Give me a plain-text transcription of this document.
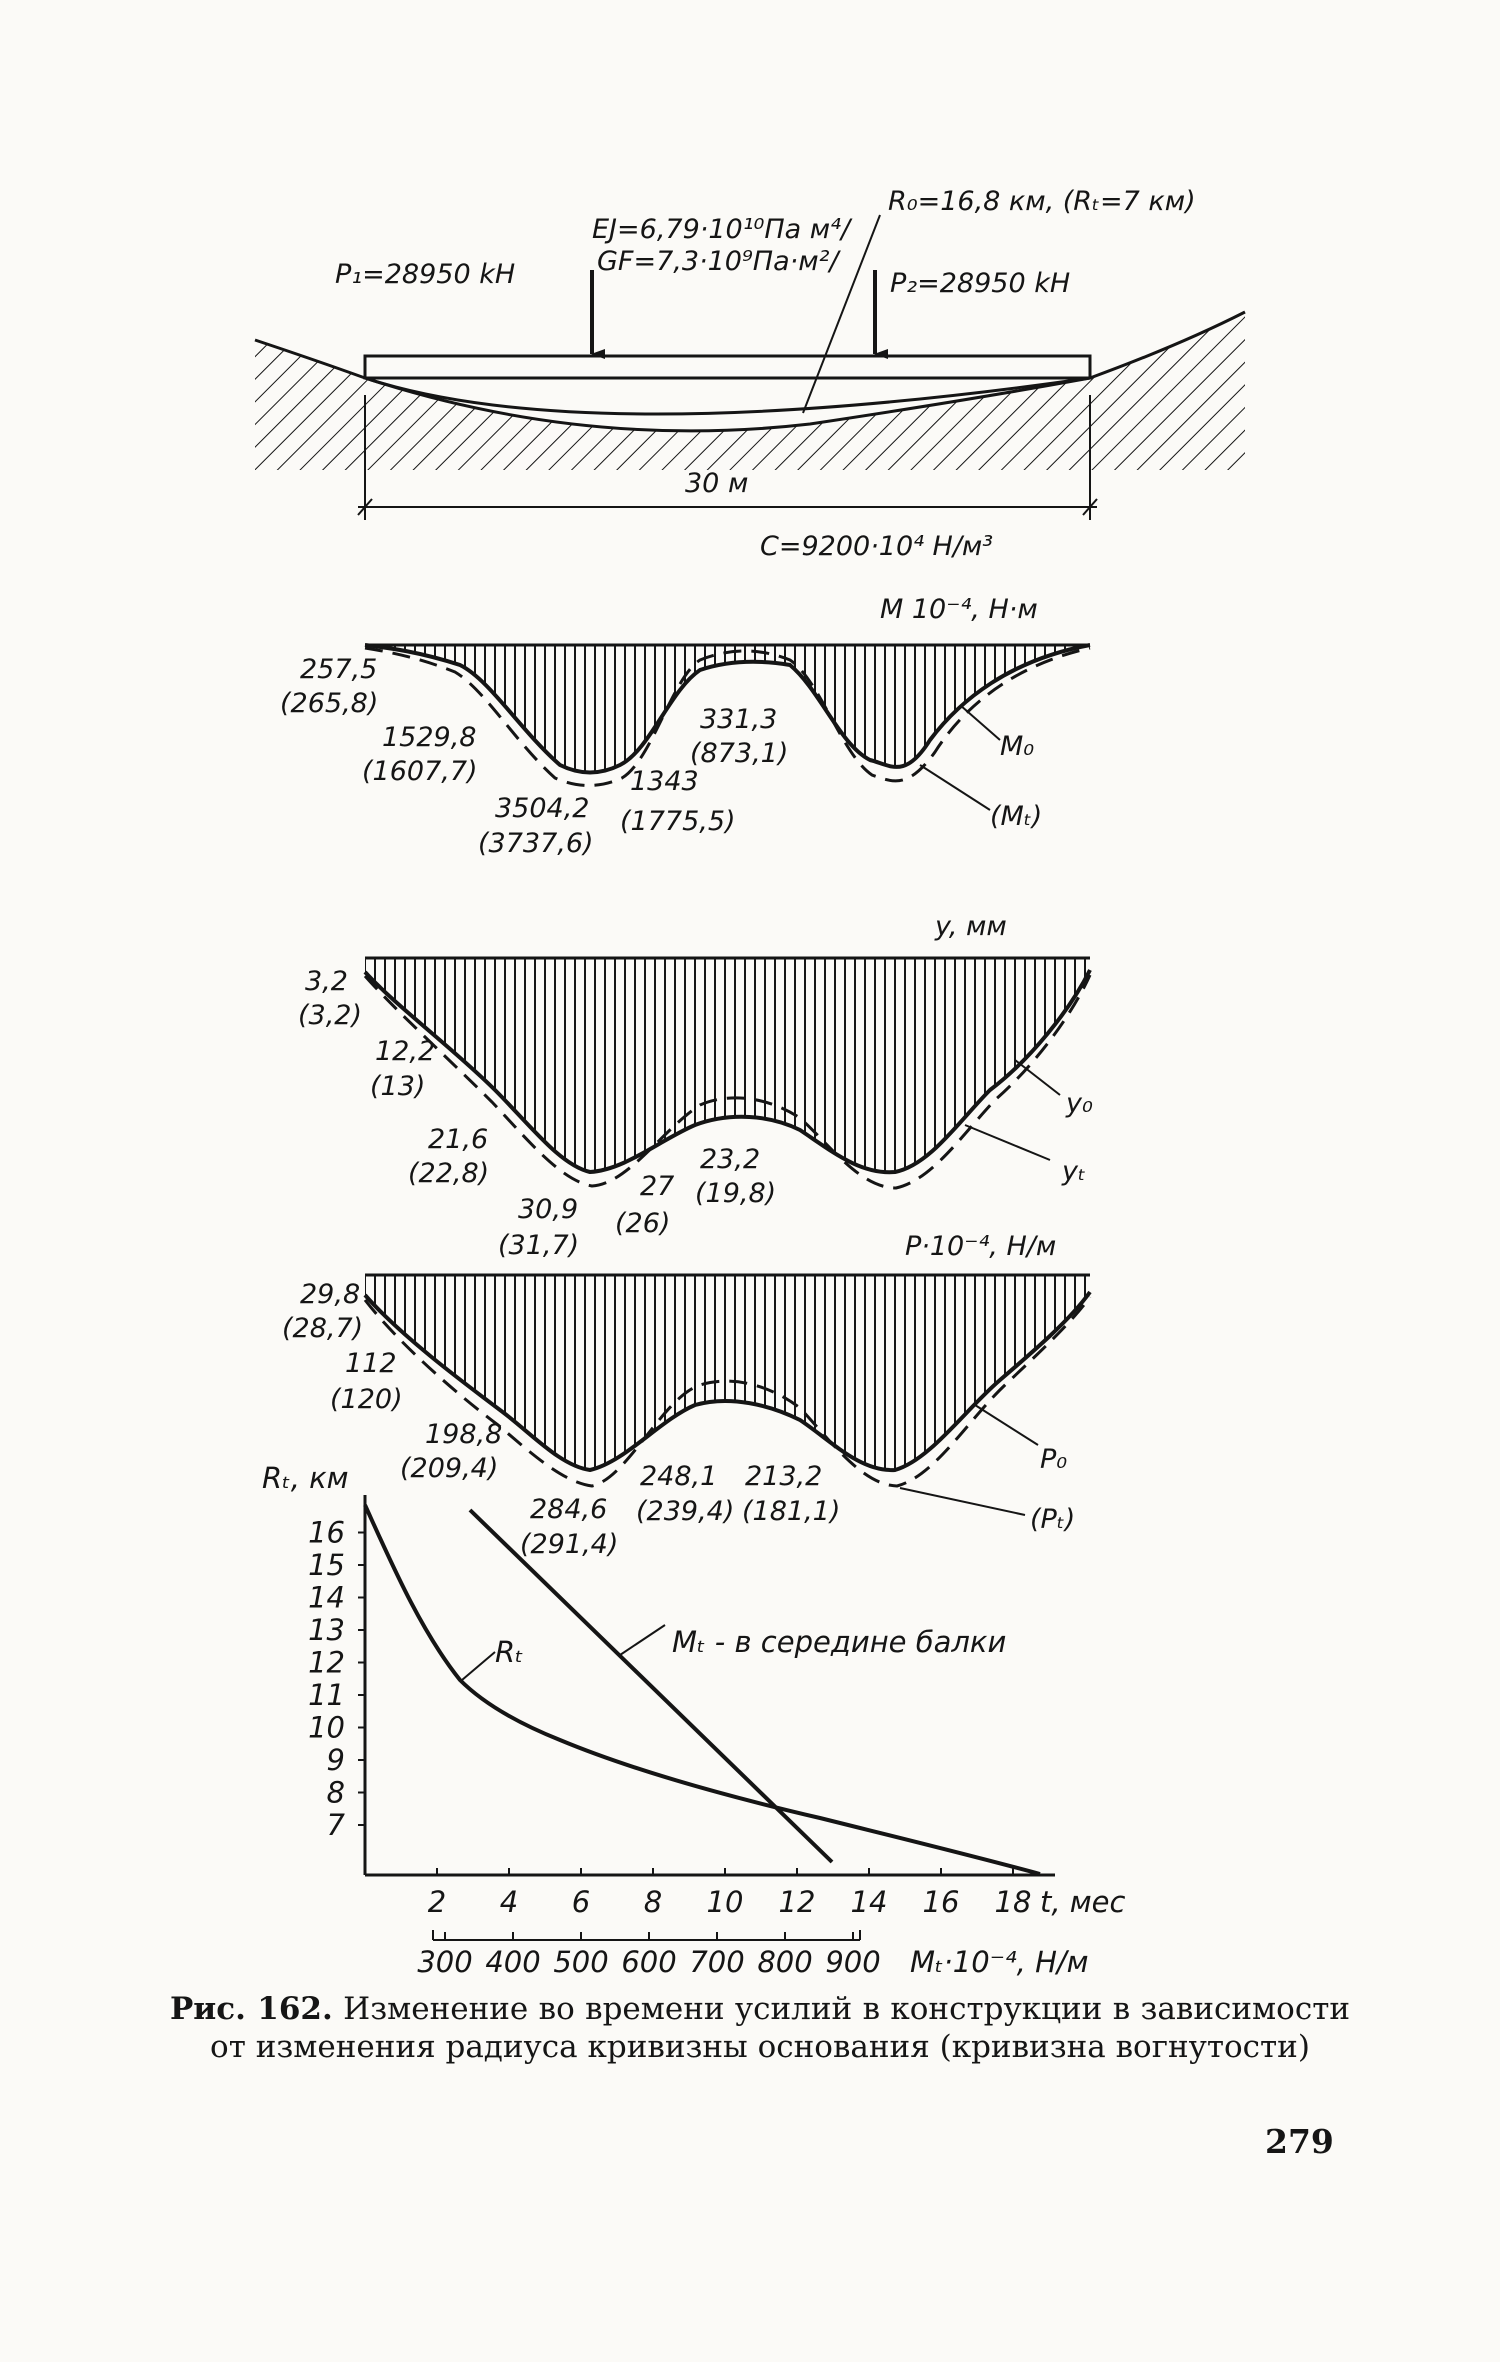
EJ=6,79·10¹⁰Па м⁴/
GF=7,3·10⁹Па·м²/
R₀=16,8 км, (Rₜ=7 км)
P₁=28950 kH	P₂=28950 kH
30 м
C=9200·10⁴ H/м³
M 10⁻⁴, H·м
257,5
(265,8)
1529,8
(1607,7)
3504,2
(3737,6)
1343
(1775,5)
331,3
(873,1)	M₀
(Mₜ)
y, мм
3,2
(3,2)
12,2
(13)
21,6
(22,8)
30,9
(31,7)
27
(26)
23,2
(19,8)
y₀
yₜ
P·10⁻⁴, H/м
29,8
(28,7)
112
(120)
198,8
(209,4)
284,6
(291,4)
248,1
(239,4)
213,2
(181,1)
P₀
(Pₜ)
Rₜ, км
16
15
14
13
12
11
10
9
8
7
2 4 6 8 10 12 14 16 18 t, мес
300 400 500 600 700 800 900 Mₜ·10⁻⁴, H/м
Rₜ	Mₜ - в середине балки
Рис. 162. Изменение во времени усилий в конструкции в зависимости от изменения радиуса кривизны основания (кривизна вогнутости)
279
